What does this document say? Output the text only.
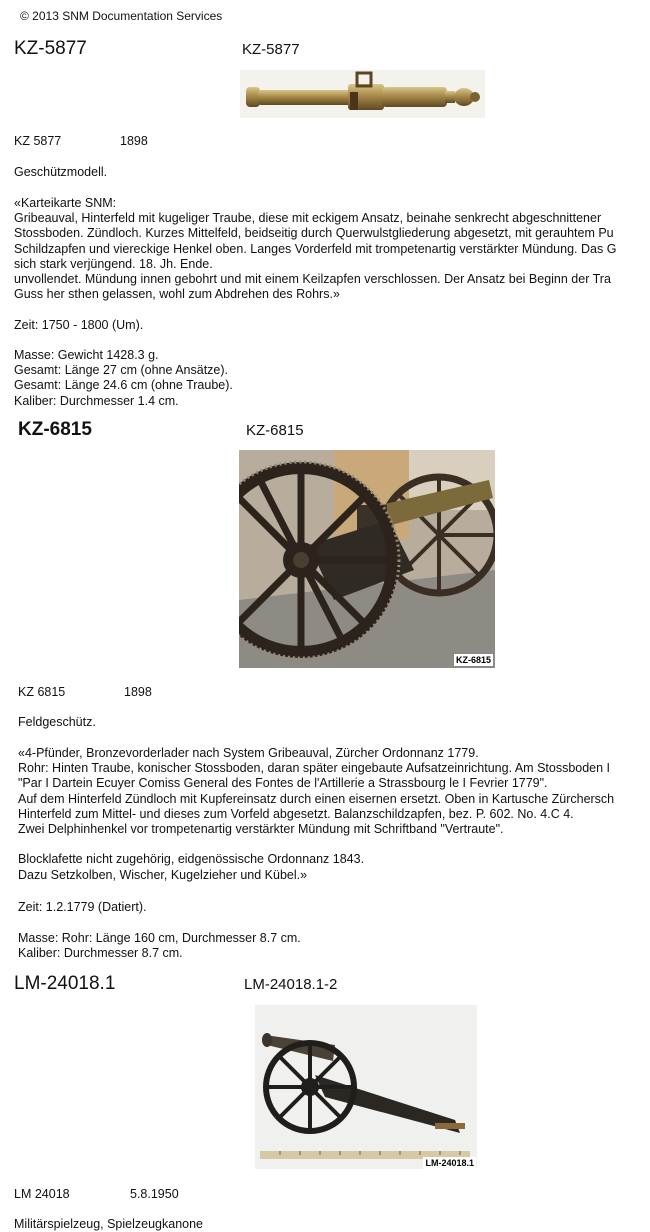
© 2013 SNM Documentation Services
KZ-5877	KZ-5877
KZ 5877	1898
Geschützmodell.
«Karteikarte SNM:
Gribeauval, Hinterfeld mit kugeliger Traube, diese mit eckigem Ansatz, beinahe senkrecht abgeschnittener
Stossboden. Zündloch. Kurzes Mittelfeld, beidseitig durch Querwulstgliederung abgesetzt, mit gerauhtem Pu
Schildzapfen und viereckige Henkel oben. Langes Vorderfeld mit trompetenartig verstärkter Mündung. Das G
sich stark verjüngend. 18. Jh. Ende.
unvollendet. Mündung innen gebohrt und mit einem Keilzapfen verschlossen. Der Ansatz bei Beginn der Tra
Guss her sthen gelassen, wohl zum Abdrehen des Rohrs.»
Zeit: 1750 - 1800 (Um).
Masse: Gewicht 1428.3 g.
Gesamt: Länge 27 cm (ohne Ansätze).
Gesamt: Länge 24.6 cm (ohne Traube).
Kaliber: Durchmesser 1.4 cm.
KZ-6815	KZ-6815
KZ-6815
KZ 6815	1898
Feldgeschütz.
«4-Pfünder, Bronzevorderlader nach System Gribeauval, Zürcher Ordonnanz 1779.
Rohr: Hinten Traube, konischer Stossboden, daran später eingebaute Aufsatzeinrichtung. Am Stossboden I
"Par I Dartein Ecuyer Comiss General des Fontes de l'Artillerie a Strassbourg le I Fevrier 1779".
Auf dem Hinterfeld Zündloch mit Kupfereinsatz durch einen eisernen ersetzt. Oben in Kartusche Zürchersch
Hinterfeld zum Mittel- und dieses zum Vorfeld abgesetzt. Balanzschildzapfen, bez. P. 602. No. 4.C 4.
Zwei Delphinhenkel vor trompetenartig verstärkter Mündung mit Schriftband "Vertraute".
Blocklafette nicht zugehörig, eidgenössische Ordonnanz 1843.
Dazu Setzkolben, Wischer, Kugelzieher und Kübel.»
Zeit: 1.2.1779 (Datiert).
Masse: Rohr: Länge 160 cm, Durchmesser 8.7 cm.
Kaliber: Durchmesser 8.7 cm.
LM-24018.1	LM-24018.1-2
LM-24018.1
LM 24018	5.8.1950
Militärspielzeug, Spielzeugkanone
